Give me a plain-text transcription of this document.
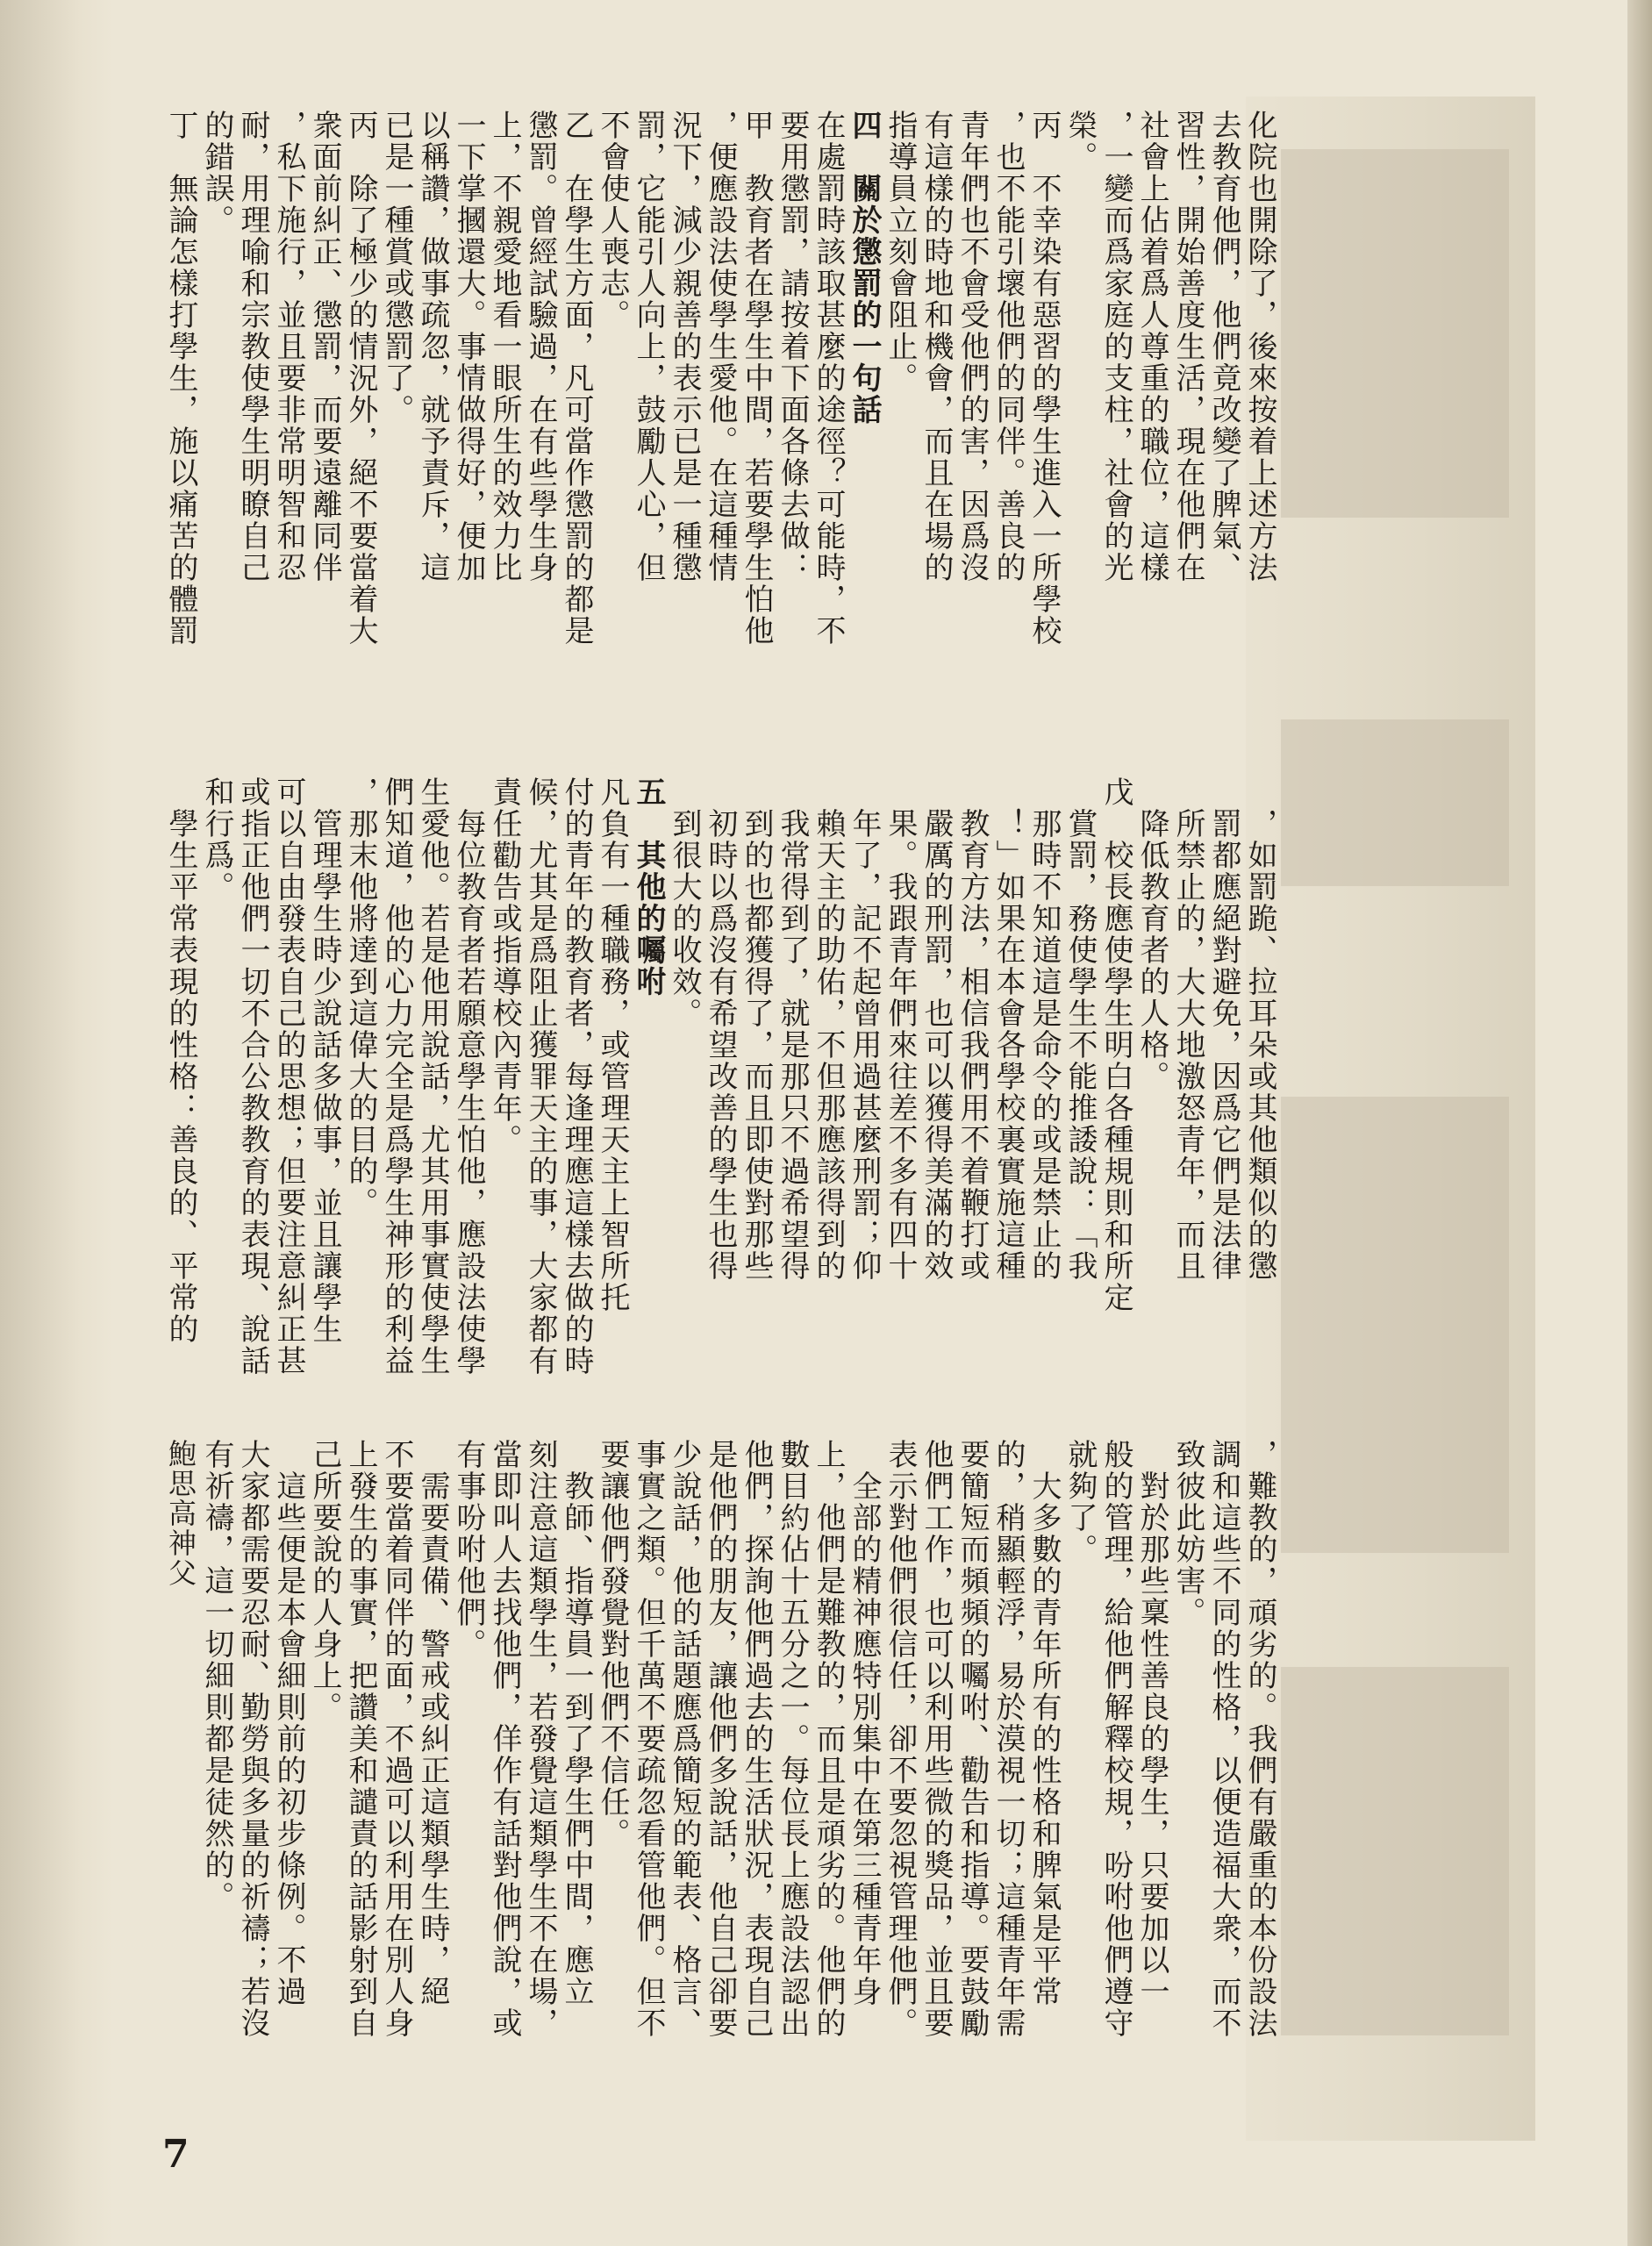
化院也開除了，後來按着上述方法
去教育他們，他們竟改變了脾氣、
習性，開始善度生活，現在他們在
社會上佔着爲人尊重的職位，這樣
，一變而爲家庭的支柱，社會的光
榮。
丙　不幸染有惡習的學生進入一所學校
，也不能引壞他們的同伴。善良的
青年們也不會受他們的害，因爲沒
有這樣的時地和機會，而且在場的
指導員立刻會阻止。
四　關於懲罰的一句話
在處罰時該取甚麼的途徑？可能時，不
要用懲罰，請按着下面各條去做：
甲　教育者在學生中間，若要學生怕他
，便應設法使學生愛他。在這種情
況下，減少親善的表示已是一種懲
罰，它能引人向上，鼓勵人心，但
不會使人喪志。
乙　在學生方面，凡可當作懲罰的都是
懲罰。曾經試驗過，在有些學生身
上，不親愛地看一眼所生的效力比
一下掌摑還大。事情做得好，便加
以稱讚，做事疏忽，就予責斥，這
已是一種賞或懲罰了。
丙　除了極少的情況外，絕不要當着大
衆面前糾正、懲罰，而要遠離同伴
，私下施行，並且要非常明智和忍
耐，用理喻和宗教使學生明瞭自己
的錯誤。
丁　無論怎樣打學生，施以痛苦的體罰
　，如罰跪、拉耳朵或其他類似的懲
　罰都應絕對避免，因爲它們是法律
　所禁止的，大大地激怒青年，而且
　降低教育者的人格。
戊　校長應使學生明白各種規則和所定
　賞罰，務使學生不能推諉說：「我
　那時不知道這是命令的或是禁止的
　！」如果在本會各學校裏實施這種
　教育方法，相信我們用不着鞭打或
　嚴厲的刑罰，也可以獲得美滿的效
　果。我跟青年們來往差不多有四十
　年了，記不起曾用過甚麼刑罰；仰
　賴天主的助佑，不但那應該得到的
　我常得到了，就是那只不過希望得
　到的也都獲得了，而且即使對那些
　初時以爲沒有希望改善的學生也得
　到很大的收效。
五　其他的囑咐
凡負有一種職務，或管理天主上智所托
付的青年的教育者，每逢理應這樣去做的時
候，尤其是爲阻止獲罪天主的事，大家都有
責任勸告或指導校內青年。
　每位教育者若願意學生怕他，應設法使學
生愛他。若是他用說話，尤其用事實使學生
們知道，他的心力完全是爲學生神形的利益
，那末他將達到這偉大的目的。
　管理學生時少說話多做事，並且讓學生
可以自由發表自己的思想；但要注意糾正甚
或指正他們一切不合公教教育的表現、說話
和行爲。
　學生平常表現的性格：善良的、平常的
，難教的，頑劣的。我們有嚴重的本份設法
調和這些不同的性格，以便造福大衆，而不
致彼此妨害。
　對於那些稟性善良的學生，只要加以一
般的管理，給他們解釋校規，吩咐他們遵守
就夠了。
　大多數的青年所有的性格和脾氣是平常
的，稍顯輕浮，易於漠視一切；這種青年需
要簡短而頻頻的囑咐、勸告和指導。要鼓勵
他們工作，也可以利用些微的獎品，並且要
表示對他們很信任，卻不要忽視管理他們。
　全部的精神應特別集中在第三種青年身
上，他們是難教的，而且是頑劣的。他們的
數目約佔十五分之一。每位長上應設法認出
他們，探詢他們過去的生活狀況，表現自己
是他們的朋友，讓他們多說話，他自己卻要
少說話，他的話題應爲簡短的範表、格言、
事實之類。但千萬不要疏忽看管他們。但不
要讓他們發覺對他們不信任。
　教師、指導員一到了學生們中間，應立
刻注意這類學生，若發覺這類學生不在場，
當即叫人去找他們，佯作有話對他們說，或
有事吩咐他們。
　需要責備、警戒或糾正這類學生時，絕
不要當着同伴的面，不過可以利用在別人身
上發生的事實，把讚美和譴責的話影射到自
己所要說的人身上。
　這些便是本會細則前的初步條例。不過
大家都需要忍耐、勤勞與多量的祈禱；若沒
有祈禱，這一切細則都是徒然的。
鮑思高神父
7
